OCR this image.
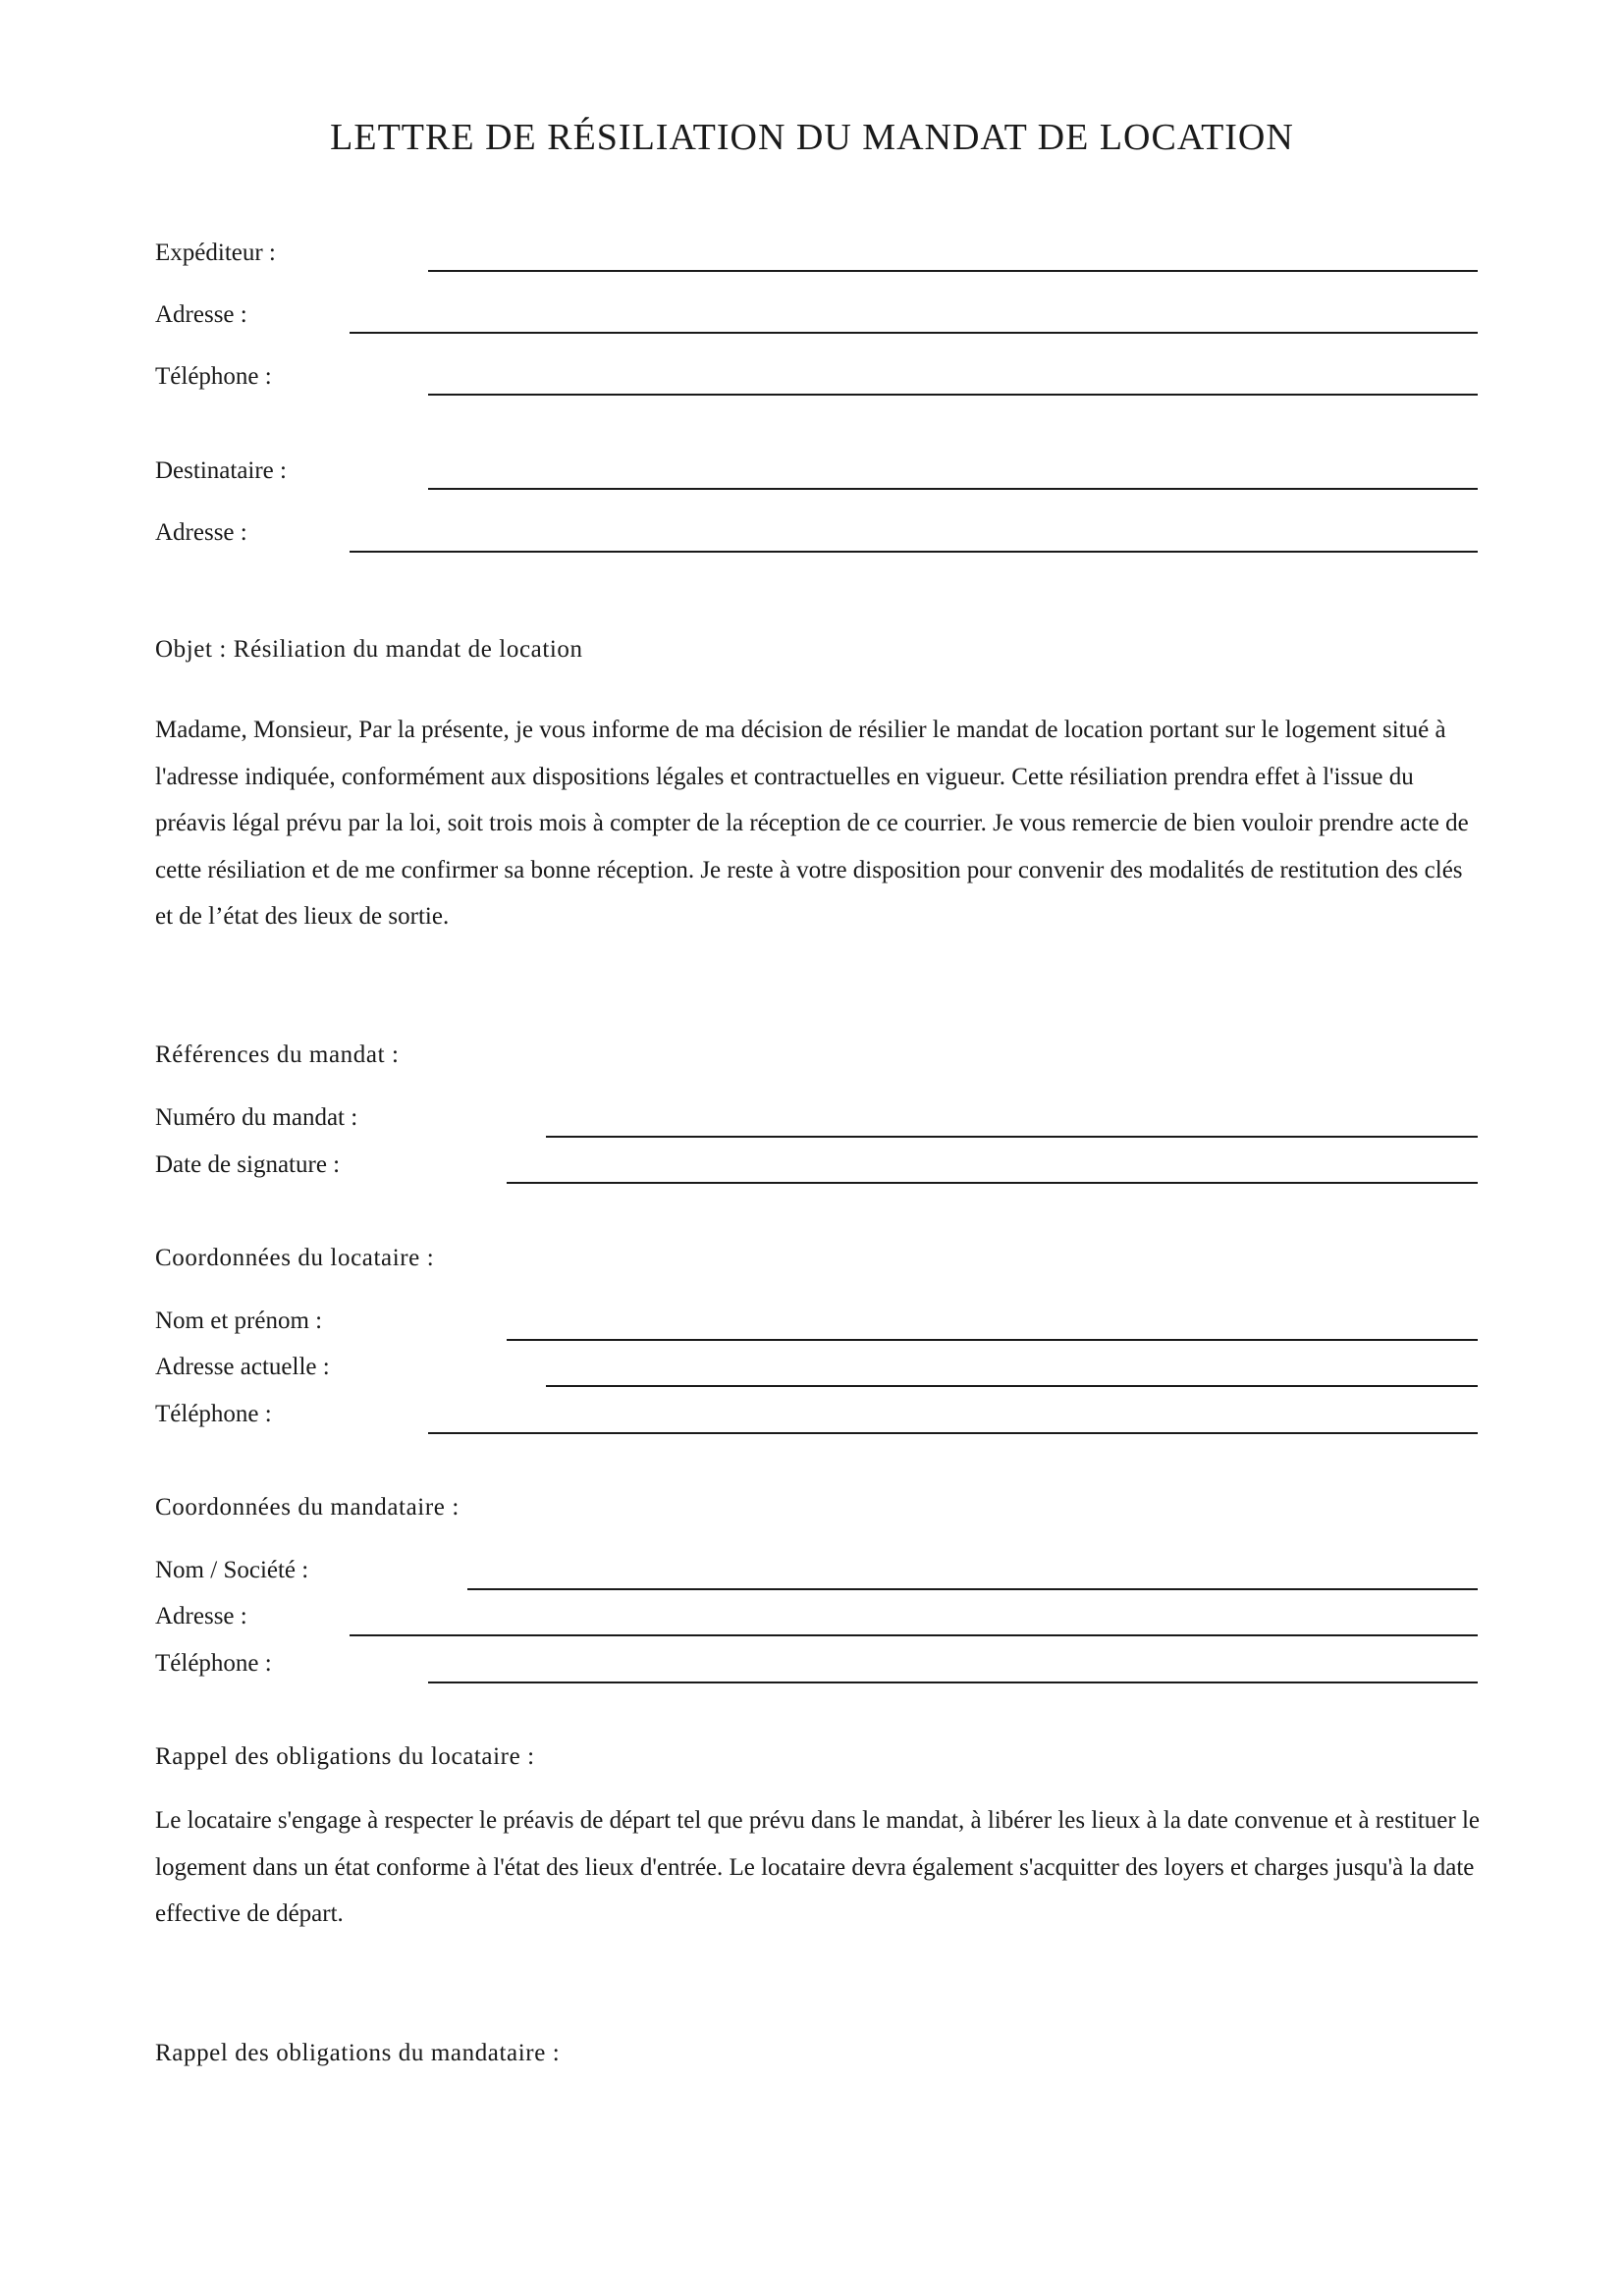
LETTRE DE RÉSILIATION DU MANDAT DE LOCATION
Expéditeur :
Adresse :
Téléphone :
Destinataire :
Adresse :
Objet : Résiliation du mandat de location
Madame, Monsieur, Par la présente, je vous informe de ma décision de résilier le mandat de location portant sur le logement situé à l'adresse indiquée, conformément aux dispositions légales et contractuelles en vigueur. Cette résiliation prendra effet à l'issue du préavis légal prévu par la loi, soit trois mois à compter de la réception de ce courrier. Je vous remercie de bien vouloir prendre acte de cette résiliation et de me confirmer sa bonne réception. Je reste à votre disposition pour convenir des modalités de restitution des clés et de l’état des lieux de sortie.
Références du mandat :
Numéro du mandat :
Date de signature :
Coordonnées du locataire :
Nom et prénom :
Adresse actuelle :
Téléphone :
Coordonnées du mandataire :
Nom / Société :
Adresse :
Téléphone :
Rappel des obligations du locataire :
Le locataire s'engage à respecter le préavis de départ tel que prévu dans le mandat, à libérer les lieux à la date convenue et à restituer le logement dans un état conforme à l'état des lieux d'entrée. Le locataire devra également s'acquitter des loyers et charges jusqu'à la date effective de départ.
Rappel des obligations du mandataire :
